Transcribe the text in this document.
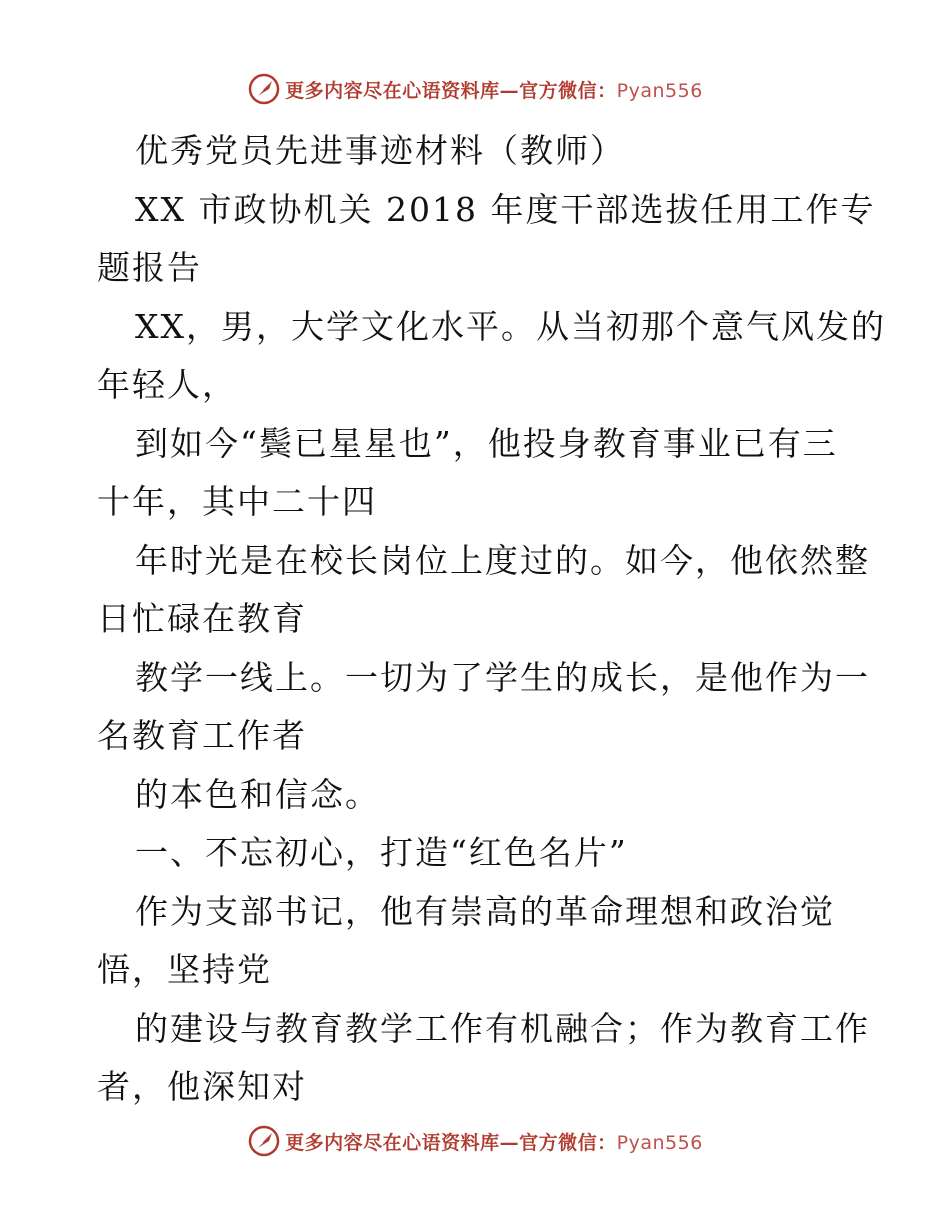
更多内容尽在心语资料库—官方微信：Pyan556
优秀党员先进事迹材料（教师）
XX 市政协机关 2018 年度干部选拔任用工作专
题报告
XX，男，大学文化水平。从当初那个意气风发的
年轻人，
到如今“鬓已星星也”，他投身教育事业已有三
十年，其中二十四
年时光是在校长岗位上度过的。如今，他依然整
日忙碌在教育
教学一线上。一切为了学生的成长，是他作为一
名教育工作者
的本色和信念。
一、不忘初心，打造“红色名片”
作为支部书记，他有崇高的革命理想和政治觉
悟，坚持党
的建设与教育教学工作有机融合；作为教育工作
者，他深知对
更多内容尽在心语资料库—官方微信：Pyan556
